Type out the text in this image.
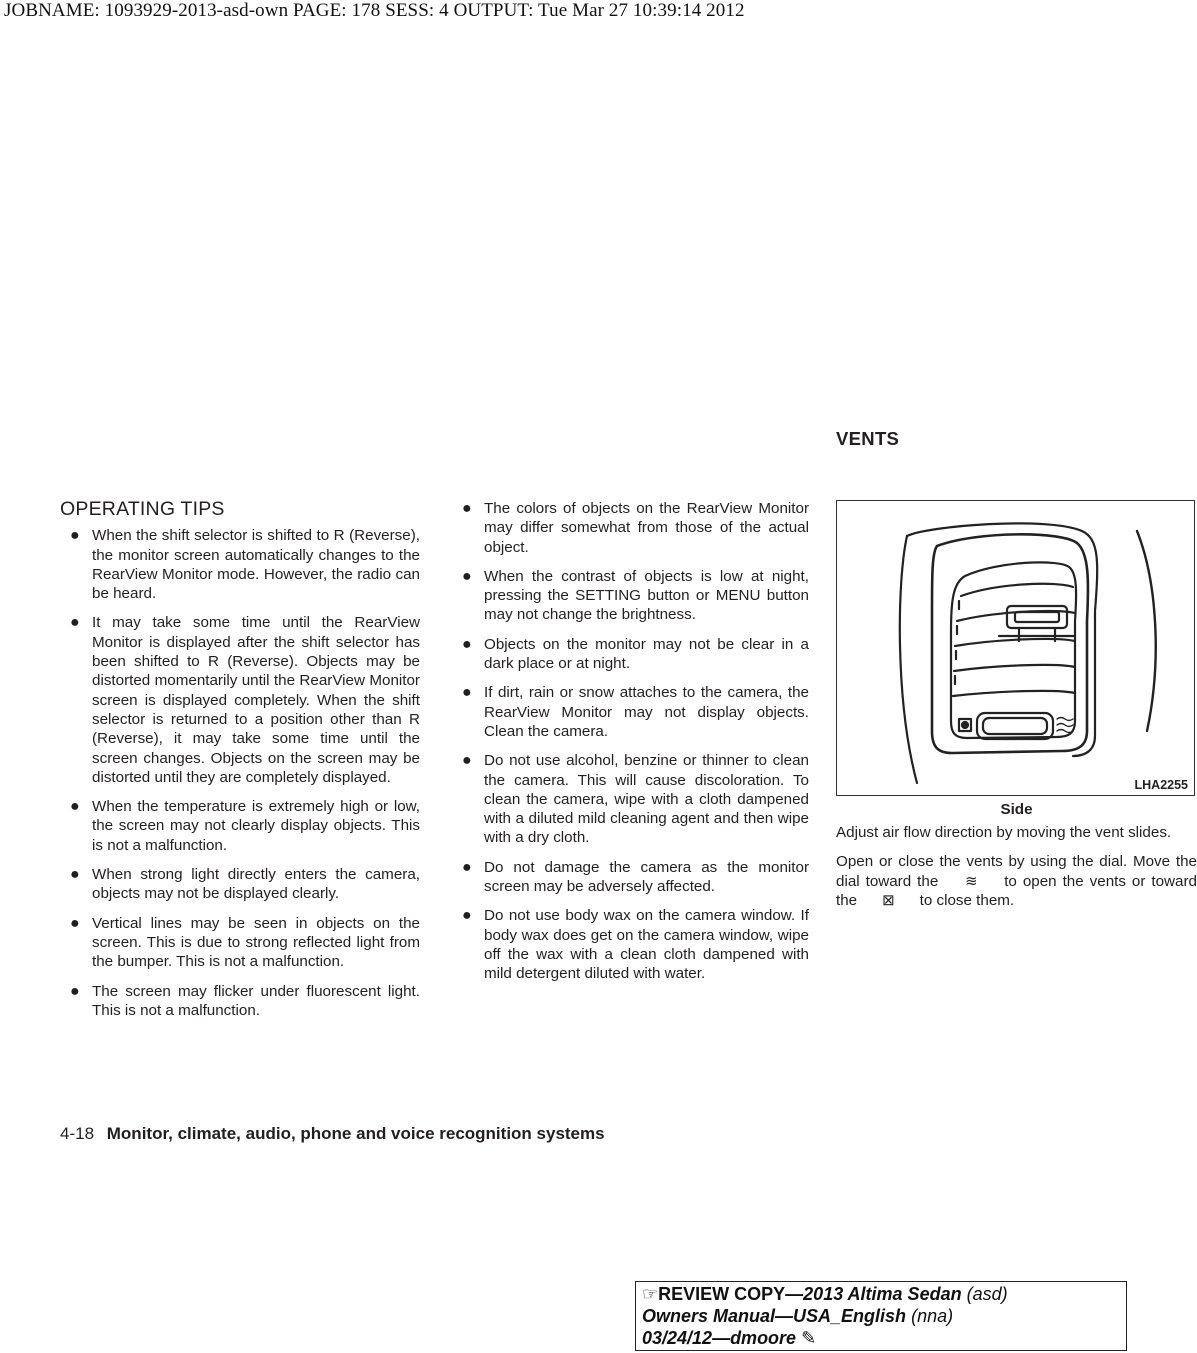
JOBNAME: 1093929-2013-asd-own PAGE: 178 SESS: 4 OUTPUT: Tue Mar 27 10:39:14 2012
OPERATING TIPS
● When the shift selector is shifted to R (Reverse), the monitor screen automatically changes to the RearView Monitor mode. However, the radio can be heard.
● It may take some time until the RearView Monitor is displayed after the shift selector has been shifted to R (Reverse). Objects may be distorted momentarily until the RearView Monitor screen is displayed completely. When the shift selector is returned to a position other than R (Reverse), it may take some time until the screen changes. Objects on the screen may be distorted until they are completely displayed.
● When the temperature is extremely high or low, the screen may not clearly display objects. This is not a malfunction.
● When strong light directly enters the camera, objects may not be displayed clearly.
● Vertical lines may be seen in objects on the screen. This is due to strong reflected light from the bumper. This is not a malfunction.
● The screen may flicker under fluorescent light. This is not a malfunction.
● The colors of objects on the RearView Monitor may differ somewhat from those of the actual object.
● When the contrast of objects is low at night, pressing the SETTING button or MENU button may not change the brightness.
● Objects on the monitor may not be clear in a dark place or at night.
● If dirt, rain or snow attaches to the camera, the RearView Monitor may not display objects. Clean the camera.
● Do not use alcohol, benzine or thinner to clean the camera. This will cause discoloration. To clean the camera, wipe with a cloth dampened with a diluted mild cleaning agent and then wipe with a dry cloth.
● Do not damage the camera as the monitor screen may be adversely affected.
● Do not use body wax on the camera window. If body wax does get on the camera window, wipe off the wax with a clean cloth dampened with mild detergent diluted with water.
VENTS
LHA2255
Side

Adjust air flow direction by moving the vent slides.

Open or close the vents by using the dial. Move the dial toward the ≋ to open the vents or toward the ⊠ to close them.

4-18 Monitor, climate, audio, phone and voice recognition systems
☞REVIEW COPY—2013 Altima Sedan (asd)
Owners Manual—USA_English (nna)
03/24/12—dmoore ✎
